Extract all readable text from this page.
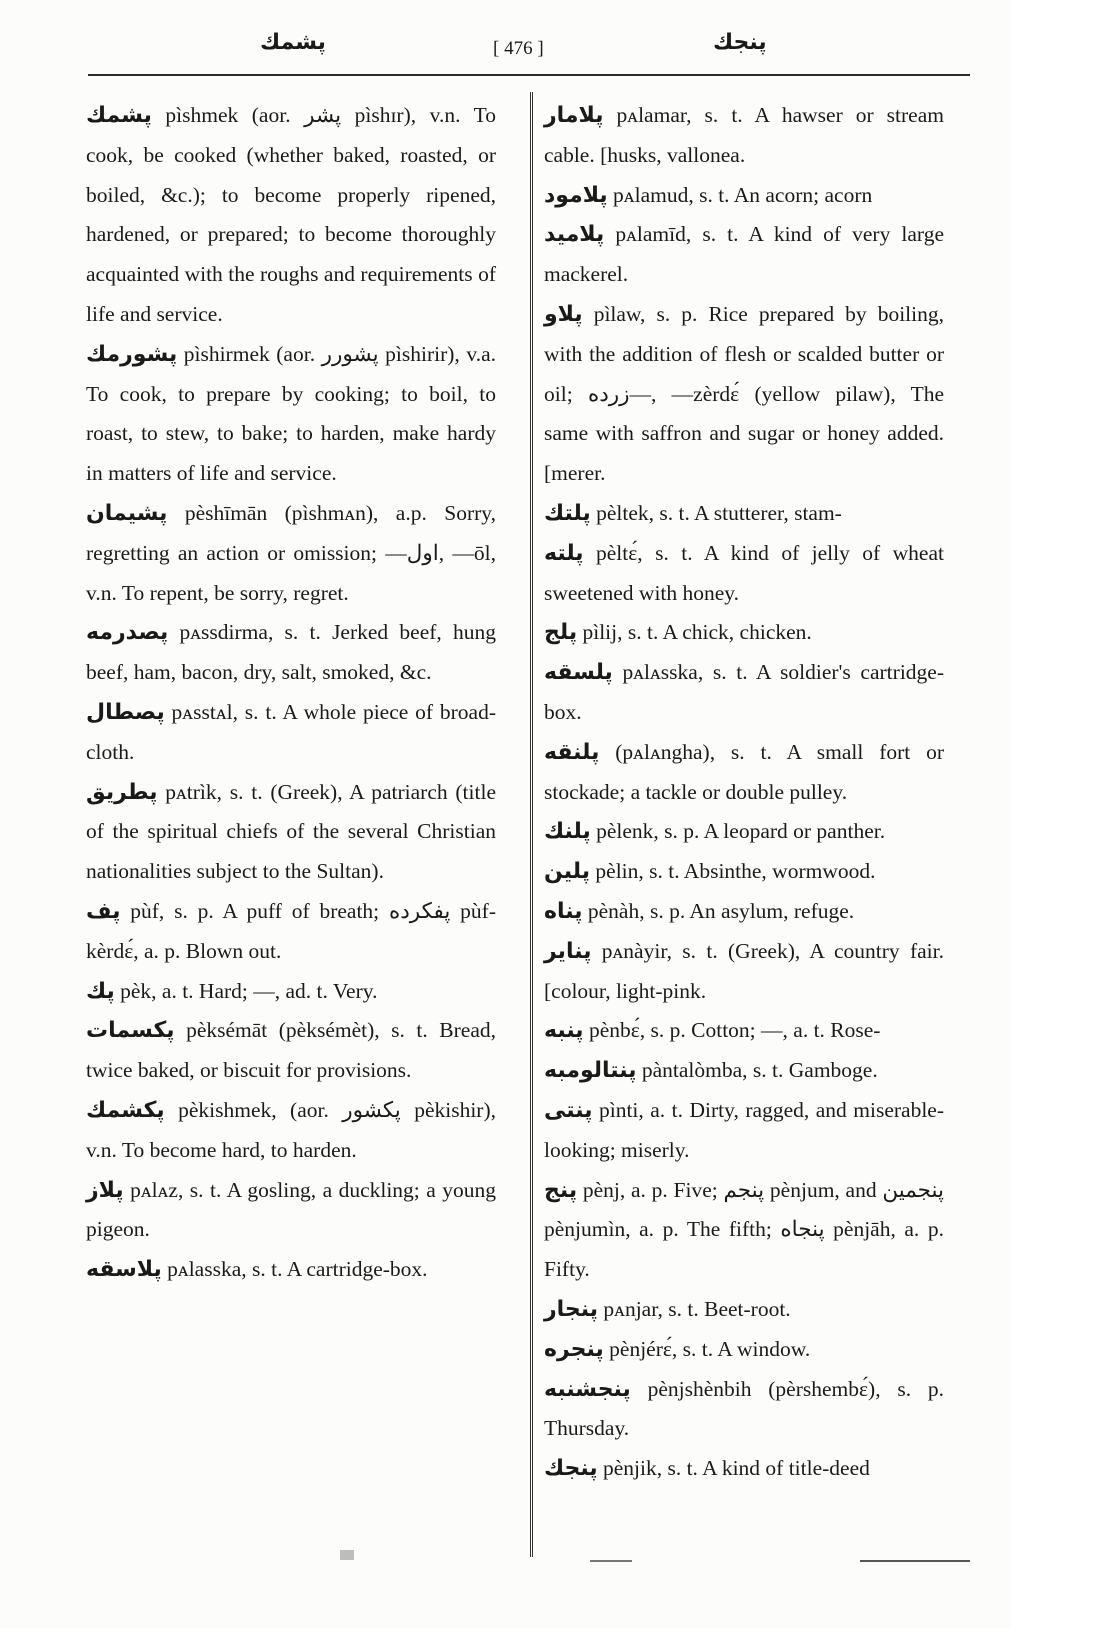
پشمك	[ 476 ]	پنجك
پشمك pìshmek (aor. پشر pìshɪr), v.n. To cook, be cooked (whether baked, roasted, or boiled, &c.); to become properly ripened, hardened, or prepared; to become thoroughly acquainted with the roughs and requirements of life and service.
پشورمك pìshirmek (aor. پشورر pìshirir), v.a. To cook, to prepare by cooking; to boil, to roast, to stew, to bake; to harden, make hardy in matters of life and service.
پشيمان pèshīmān (pìshmᴀn), a.p. Sorry, regretting an action or omission; —اول, —ōl, v.n. To repent, be sorry, regret.
پصدرمه pᴀssdirma, s. t. Jerked beef, hung beef, ham, bacon, dry, salt, smoked, &c.
پصطال pᴀsstᴀl, s. t. A whole piece of broad-cloth.
پطريق pᴀtrìk, s. t. (Greek), A patriarch (title of the spiritual chiefs of the several Christian nationalities subject to the Sultan).
پف pùf, s. p. A puff of breath; پفكرده pùf-kèrdɛ́, a. p. Blown out.
پك pèk, a. t. Hard; —, ad. t. Very.
پكسمات pèksémāt (pèksémèt), s. t. Bread, twice baked, or biscuit for provisions.
پكشمك pèkishmek, (aor. پكشور pèkishir), v.n. To become hard, to harden.
پلاز pᴀlᴀz, s. t. A gosling, a duckling; a young pigeon.
پلاسقه pᴀlasska, s. t. A cartridge-box.
پلامار pᴀlamar, s. t. A hawser or stream cable. [husks, vallonea.
پلامود pᴀlamud, s. t. An acorn; acorn
پلاميد pᴀlamīd, s. t. A kind of very large mackerel.
پلاو pìlaw, s. p. Rice prepared by boiling, with the addition of flesh or scalded butter or oil; زرده—, —zèrdɛ́ (yellow pilaw), The same with saffron and sugar or honey added. [merer.
پلتك pèltek, s. t. A stutterer, stam-
پلته pèltɛ́, s. t. A kind of jelly of wheat sweetened with honey.
پلج pìlij, s. t. A chick, chicken.
پلسقه pᴀlᴀsska, s. t. A soldier's cartridge-box.
پلنقه (pᴀlᴀngha), s. t. A small fort or stockade; a tackle or double pulley.
پلنك pèlenk, s. p. A leopard or panther.
پلين pèlin, s. t. Absinthe, wormwood.
پناه pènàh, s. p. An asylum, refuge.
پناير pᴀnàyir, s. t. (Greek), A country fair. [colour, light-pink.
پنبه pènbɛ́, s. p. Cotton; —, a. t. Rose-
پنتالومبه pàntalòmba, s. t. Gamboge.
پنتى pìnti, a. t. Dirty, ragged, and miserable-looking; miserly.
پنج pènj, a. p. Five; پنجم pènjum, and پنجمين pènjumìn, a. p. The fifth; پنجاه pènjāh, a. p. Fifty.
پنجار pᴀnjar, s. t. Beet-root.
پنجره pènjérɛ́, s. t. A window.
پنجشنبه pènjshènbih (pèrshembɛ́), s. p. Thursday.
پنجك pènjik, s. t. A kind of title-deed
